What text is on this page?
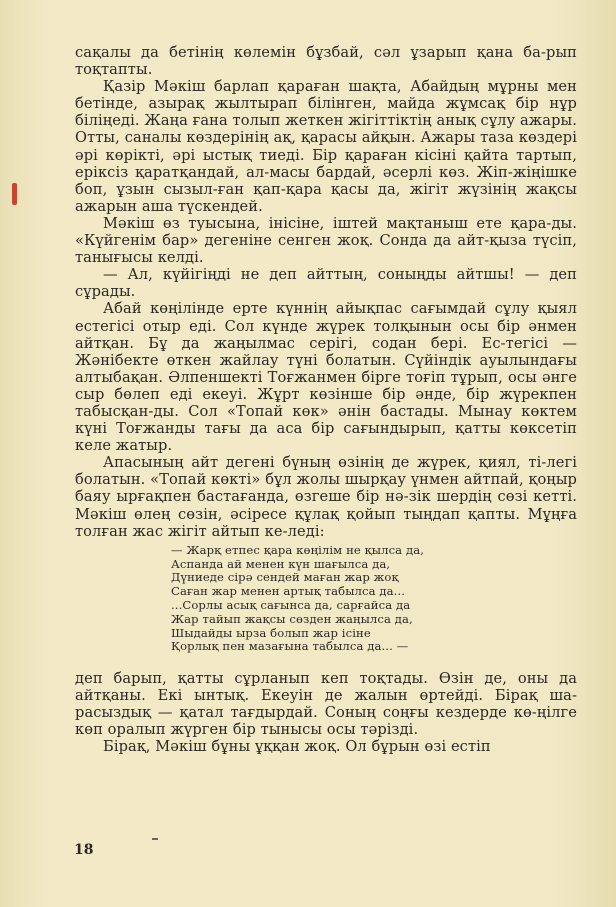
сақалы да бетінің көлемін бұзбай, сәл ұзарып қана ба-рып тоқтапты.

Қазір Мәкіш барлап қараған шақта, Абайдың мұрны мен бетінде, азырақ жылтырап білінген, майда жұмсақ бір нұр біліңеді. Жаңа ғана толып жеткен жігіттіктің анық сұлу ажары. Отты, саналы көздерінің ақ, қарасы айқын. Ажары таза көздері әрі көрікті, әрі ыстық тиеді. Бір қараған кісіні қайта тартып, еріксіз қаратқандай, ал-масы бардай, әсерлі көз. Жіп-жіңішке боп, ұзын сызыл-ған қап-қара қасы да, жігіт жүзінің жақсы ажарын аша түскендей.

Мәкіш өз туысына, інісіне, іштей мақтаныш ете қара-ды. «Күйгенім бар» дегеніне сенген жоқ. Сонда да айт-қыза түсіп, танығысы келді.

— Ал, күйігіңді не деп айттың, соныңды айтшы! — деп сұрады.

Абай көңілінде ерте күннің айықпас сағымдай сұлу қыял естегісі отыр еді. Сол күнде жүрек толқынын осы бір әнмен айтқан. Бұ да жаңылмас серігі, содан бері. Ес-тегісі — Жәнібекте өткен жайлау түні болатын. Сүйіндік ауылындағы алтыбақан. Әлпеншекті Тоғжанмен бірге тоғіп тұрып, осы әнге сыр бөлеп еді екеуі. Жұрт көзінше бір әнде, бір жүрекпен табысқан-ды. Сол «Топай көк» әнін бастады. Мынау көктем күні Тоғжанды тағы да аса бір сағындырып, қатты көксетіп келе жатыр.

Апасының айт дегені бүның өзінің де жүрек, қиял, ті-легі болатын. «Топай көкті» бұл жолы шырқау үнмен айтпай, қоңыр баяу ырғақпен бастағанда, өзгеше бір нә-зік шердің сөзі кетті. Мәкіш өлең сөзін, әсіресе құлақ қойып тыңдап қапты. Мұңға толған жас жігіт айтып ке-леді:

— Жарқ етпес қара көңілім не қылса да,
Аспанда ай менен күн шағылса да,
Дүниеде сірә сендей маған жар жоқ
Саған жар менен артық табылса да...
...Сорлы асық сағынса да, сарғайса да
Жар тайып жақсы сөзден жаңылса да,
Шыдайды ырза болып жар ісіне
Қорлық пен мазағына табылса да... —

деп барып, қатты сұрланып кеп тоқтады. Өзін де, оны да айтқаны. Екі ынтық. Екеуін де жалын өртейді. Бірақ ша-расыздық — қатал тағдырдай. Соның соңғы кездерде кө-ңілге көп оралып жүрген бір тынысы осы тәрізді.

Бірақ, Мәкіш бұны ұққан жоқ. Ол бұрын өзі естіп

18
